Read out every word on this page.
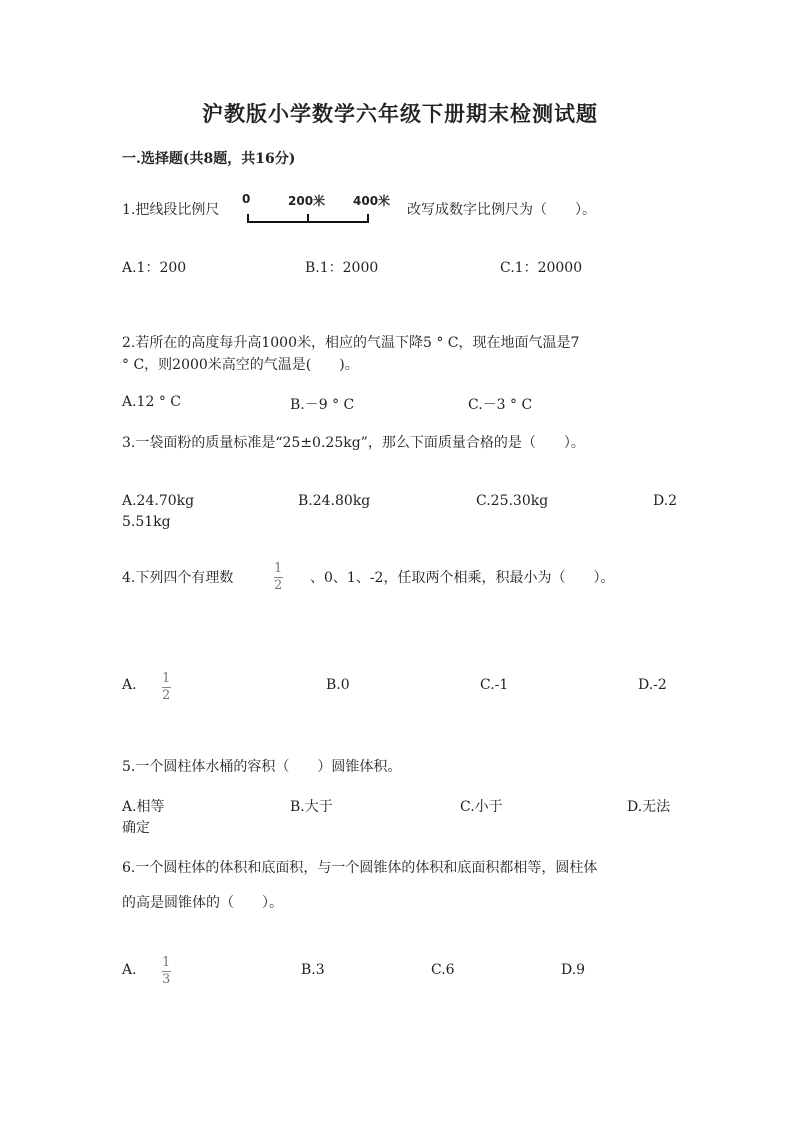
沪教版小学数学六年级下册期末检测试题
一.选择题(共8题，共16分)
1.把线段比例尺
0	200米 400米
改写成数字比例尺为（　　）。
A.1：200	B.1：2000	C.1：20000
2.若所在的高度每升高1000米，相应的气温下降5 ° C，现在地面气温是7
° C，则2000米高空的气温是(　　)。
A.12 ° C	B.－9 ° C	C.－3 ° C
3.一袋面粉的质量标准是“25±0.25kg”，那么下面质量合格的是（　　）。
A.24.70kg	B.24.80kg	C.25.30kg	D.2
5.51kg
4.下列四个有理数
1
2 、0、1、-2，任取两个相乘，积最小为（　　）。
A. 1
2
B.0	C.-1	D.-2
5.一个圆柱体水桶的容积（　　）圆锥体积。
A.相等	B.大于	C.小于	D.无法
确定
6.一个圆柱体的体积和底面积，与一个圆锥体的体积和底面积都相等，圆柱体
的高是圆锥体的（　　）。
A. 1
3
B.3	C.6	D.9
